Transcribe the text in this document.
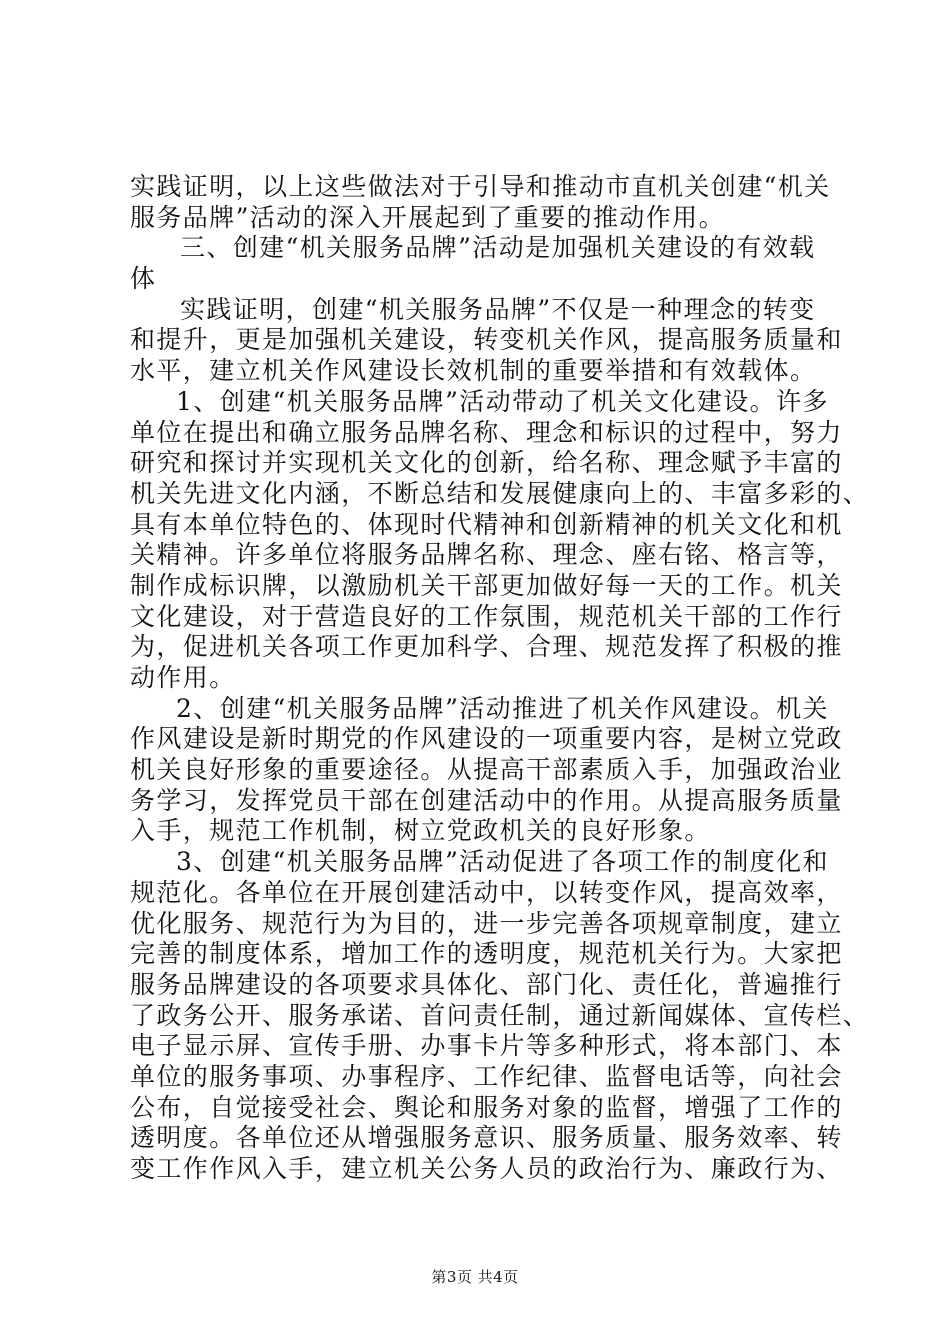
实践证明，以上这些做法对于引导和推动市直机关创建“机关
服务品牌”活动的深入开展起到了重要的推动作用。
三、创建“机关服务品牌”活动是加强机关建设的有效载
体
实践证明，创建“机关服务品牌”不仅是一种理念的转变
和提升，更是加强机关建设，转变机关作风，提高服务质量和
水平，建立机关作风建设长效机制的重要举措和有效载体。
1、创建“机关服务品牌”活动带动了机关文化建设。许多
单位在提出和确立服务品牌名称、理念和标识的过程中，努力
研究和探讨并实现机关文化的创新，给名称、理念赋予丰富的
机关先进文化内涵，不断总结和发展健康向上的、丰富多彩的、
具有本单位特色的、体现时代精神和创新精神的机关文化和机
关精神。许多单位将服务品牌名称、理念、座右铭、格言等，
制作成标识牌，以激励机关干部更加做好每一天的工作。机关
文化建设，对于营造良好的工作氛围，规范机关干部的工作行
为，促进机关各项工作更加科学、合理、规范发挥了积极的推
动作用。
2、创建“机关服务品牌”活动推进了机关作风建设。机关
作风建设是新时期党的作风建设的一项重要内容，是树立党政
机关良好形象的重要途径。从提高干部素质入手，加强政治业
务学习，发挥党员干部在创建活动中的作用。从提高服务质量
入手，规范工作机制，树立党政机关的良好形象。
3、创建“机关服务品牌”活动促进了各项工作的制度化和
规范化。各单位在开展创建活动中，以转变作风，提高效率，
优化服务、规范行为为目的，进一步完善各项规章制度，建立
完善的制度体系，增加工作的透明度，规范机关行为。大家把
服务品牌建设的各项要求具体化、部门化、责任化，普遍推行
了政务公开、服务承诺、首问责任制，通过新闻媒体、宣传栏、
电子显示屏、宣传手册、办事卡片等多种形式，将本部门、本
单位的服务事项、办事程序、工作纪律、监督电话等，向社会
公布，自觉接受社会、舆论和服务对象的监督，增强了工作的
透明度。各单位还从增强服务意识、服务质量、服务效率、转
变工作作风入手，建立机关公务人员的政治行为、廉政行为、
第3页 共4页
